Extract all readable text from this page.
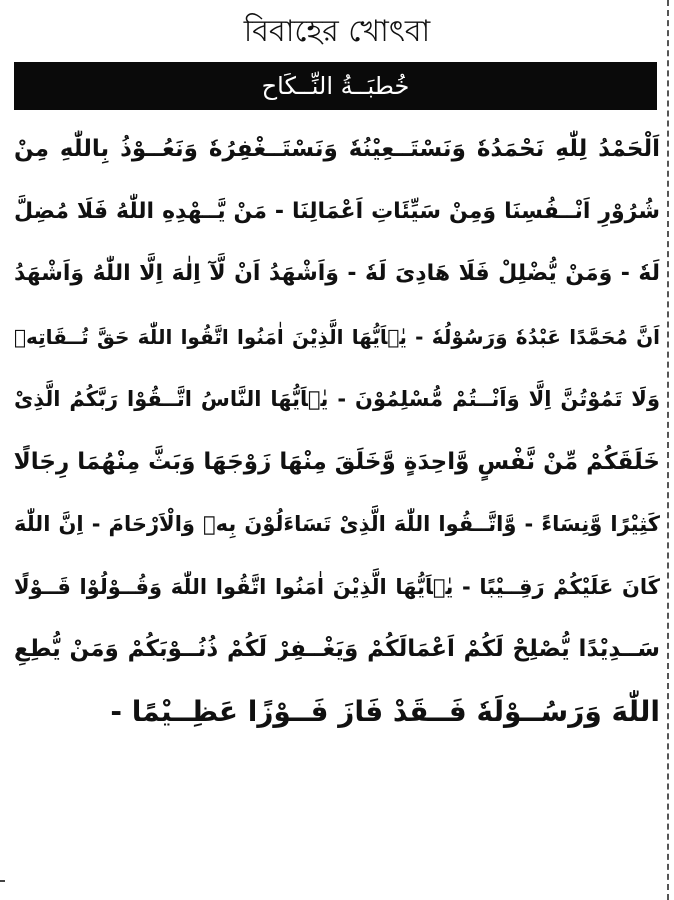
বিবাহের খোৎবা
خُطبَــةُ النِّــكَاح
اَلْحَمْدُ لِلّٰهِ نَحْمَدُهٗ وَنَسْتَــعِيْنُهٗ وَنَسْتَــغْفِرُهٗ وَنَعُــوْذُ بِاللّٰهِ مِنْ
شُرُوْرِ اَنْــفُسِنَا وَمِنْ سَيِّئَاتِ اَعْمَالِنَا - مَنْ يَّــهْدِهِ اللّٰهُ فَلَا مُضِلَّ
لَهٗ - وَمَنْ يُّضْلِلْ فَلَا هَادِىَ لَهٗ - وَاَشْهَدُ اَنْ لَّآ اِلٰهَ اِلَّا اللّٰهُ وَاَشْهَدُ
اَنَّ مُحَمَّدًا عَبْدُهٗ وَرَسُوْلُهٗ - يٰۤاَيُّهَا الَّذِيْنَ اٰمَنُوا اتَّقُوا اللّٰهَ حَقَّ تُــقَاتِهٖ
وَلَا تَمُوْتُنَّ اِلَّا وَاَنْــتُمْ مُّسْلِمُوْنَ - يٰۤاَيُّهَا النَّاسُ اتَّــقُوْا رَبَّكُمُ الَّذِىْ
خَلَقَكُمْ مِّنْ نَّفْسٍ وَّاحِدَةٍ وَّخَلَقَ مِنْهَا زَوْجَهَا وَبَثَّ مِنْهُمَا رِجَالًا
كَثِيْرًا وَّنِسَاءً - وَّاتَّــقُوا اللّٰهَ الَّذِىْ تَسَاءَلُوْنَ بِهٖ وَالْاَرْحَامَ - اِنَّ اللّٰهَ
كَانَ عَلَيْكُمْ رَقِــيْبًا - يٰۤاَيُّهَا الَّذِيْنَ اٰمَنُوا اتَّقُوا اللّٰهَ وَقُــوْلُوْا قَــوْلًا
سَــدِيْدًا يُّصْلِحْ لَكُمْ اَعْمَالَكُمْ وَيَغْــفِرْ لَكُمْ ذُنُــوْبَكُمْ وَمَنْ يُّطِعِ
اللّٰهَ وَرَسُــوْلَهٗ فَــقَدْ فَازَ فَــوْزًا عَظِــيْمًا -
